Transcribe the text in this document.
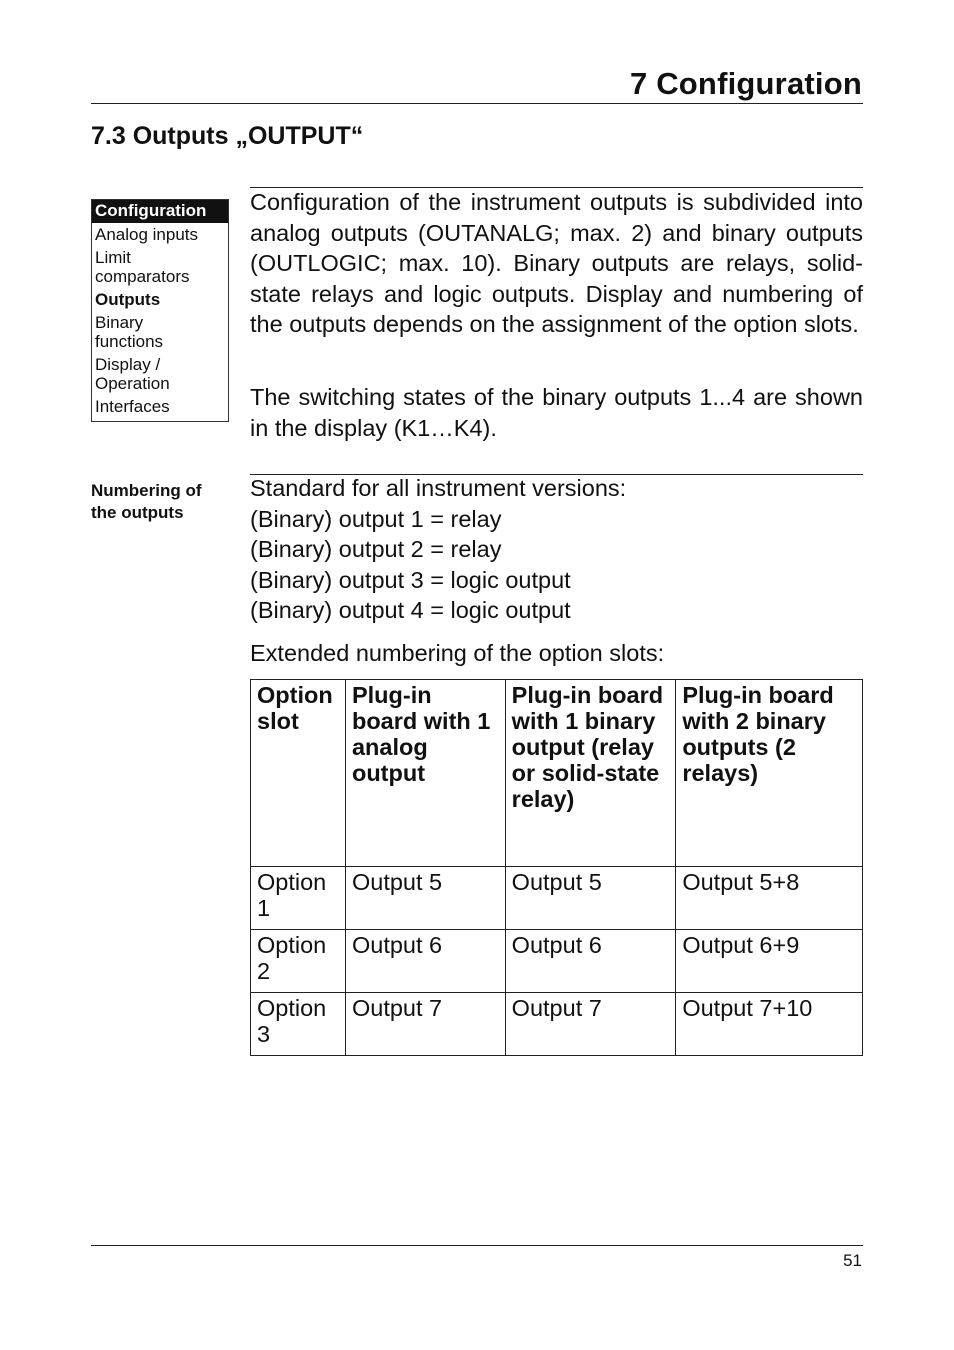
7 Configuration
7.3 Outputs „OUTPUT“
Configuration
Analog inputs
Limit comparators
Outputs
Binary functions
Display / Operation
Interfaces

Configuration of the instrument outputs is subdivided into analog outputs (OUTANALG; max. 2) and binary outputs (OUTLOGIC; max. 10). Binary outputs are relays, solid-state relays and logic outputs. Display and numbering of the outputs depends on the assignment of the option slots.

The switching states of the binary outputs 1...4 are shown in the display (K1…K4).

Numbering of the outputs
Standard for all instrument versions:
(Binary) output 1 = relay
(Binary) output 2 = relay
(Binary) output 3 = logic output
(Binary) output 4 = logic output
Extended numbering of the option slots:
Option slot	Plug-in board with 1 analog output	Plug-in board with 1 binary output (relay or solid-state relay)	Plug-in board with 2 binary outputs (2 relays)
Option 1	Output 5	Output 5	Output 5+8
Option 2	Output 6	Output 6	Output 6+9
Option 3	Output 7	Output 7	Output 7+10
51
